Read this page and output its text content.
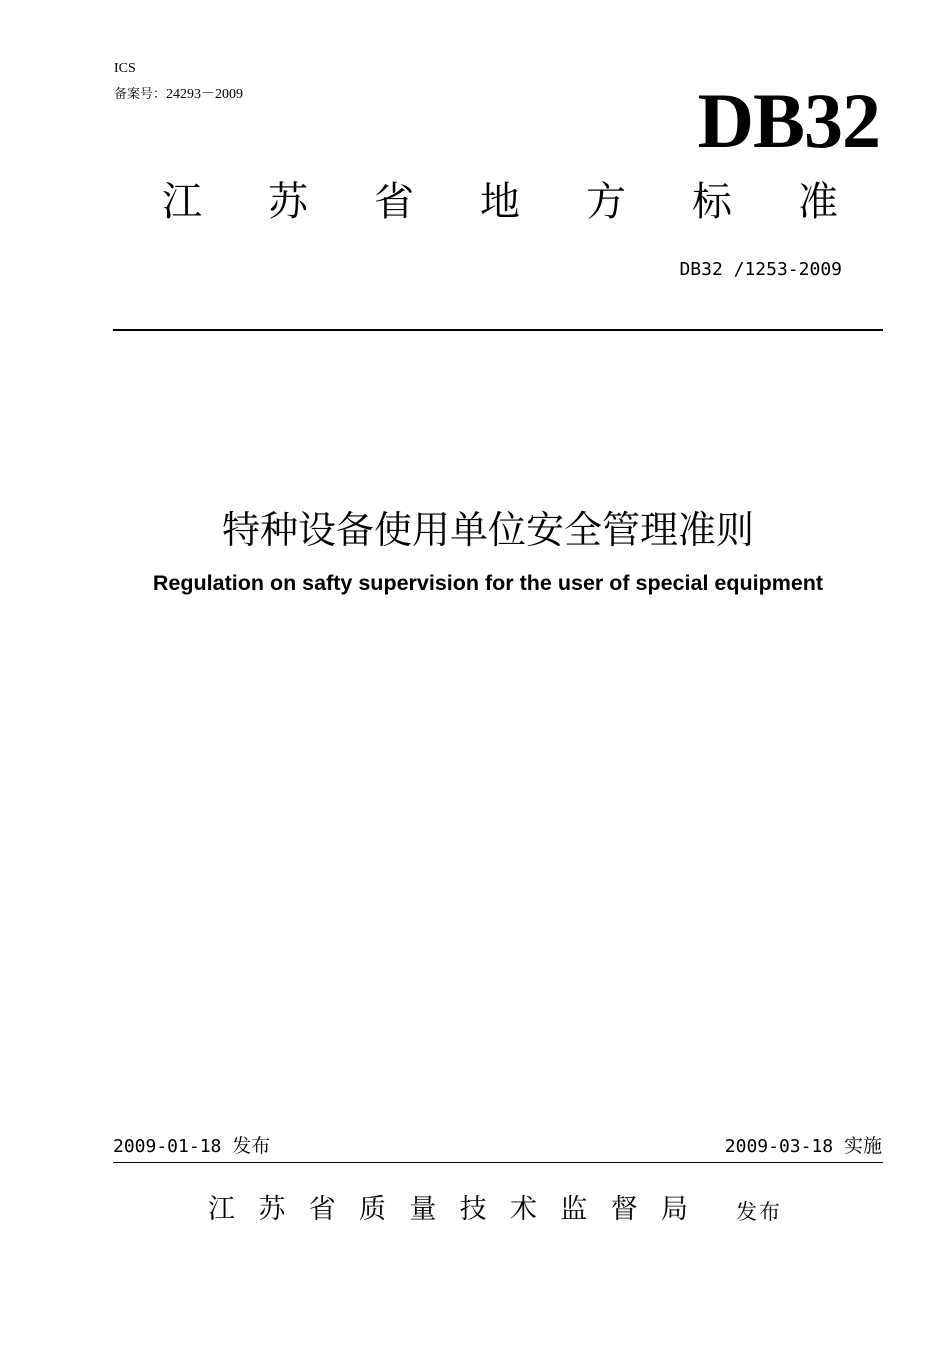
ICS
备案号：24293－2009	DB32
江 苏 省 地 方 标 准
DB32 /1253-2009
特种设备使用单位安全管理准则
Regulation on safty supervision for the user of special equipment
2009-01-18 发布	2009-03-18 实施
江 苏 省 质 量 技 术 监 督 局 发布
